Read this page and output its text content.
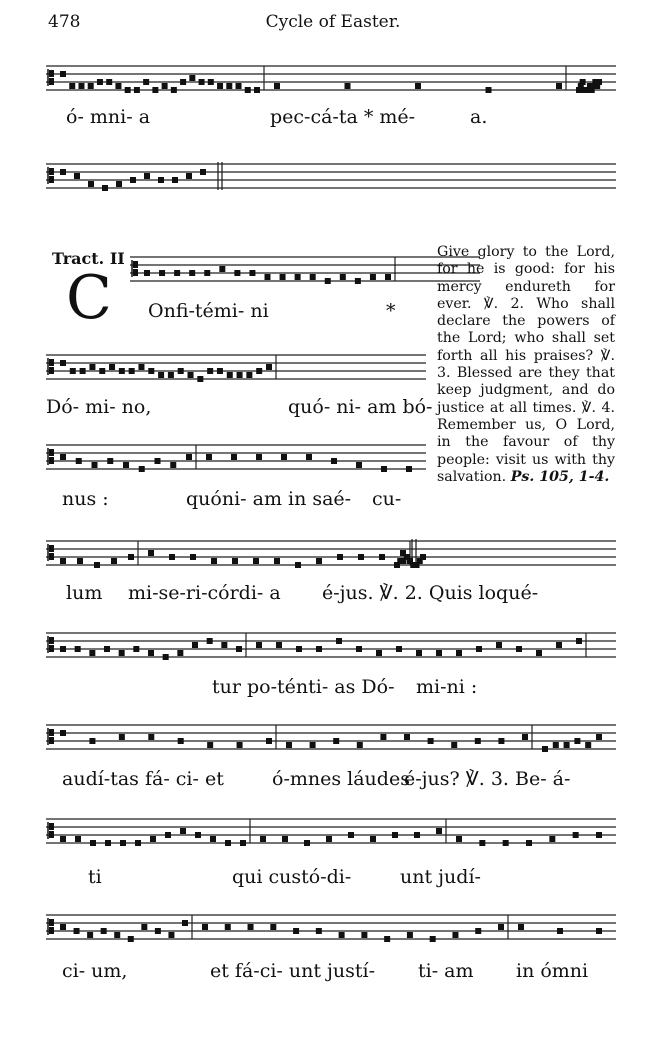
478	Cycle of Easter.
ó- mni- a	pec-cá-ta * mé-	a.
Tract. II
C Onfi-témi- ni	*

Give glory to the Lord, for he is good: for his mercy endureth for ever. ℣. 2. Who shall declare the powers of the Lord; who shall set forth all his praises? ℣. 3. Blessed are they that keep judgment, and do justice at all times. ℣. 4. Remember us, O Lord, in the favour of thy people: visit us with thy salvation. Ps. 105, 1-4.

Dó- mi- no,	quó- ni- am bó-
nus :	quóni- am in saé- cu-
lum mi-se-ri-córdi- a é-jus. ℣. 2. Quis loqué-
tur po-ténti- as Dó- mi-ni :
audí-tas fá- ci- et	ó-mnes láudes
é-jus? ℣. 3. Be- á-
ti	qui custó-di-	unt judí-
ci- um,	et fá-ci- unt justí- ti- am in ómni
